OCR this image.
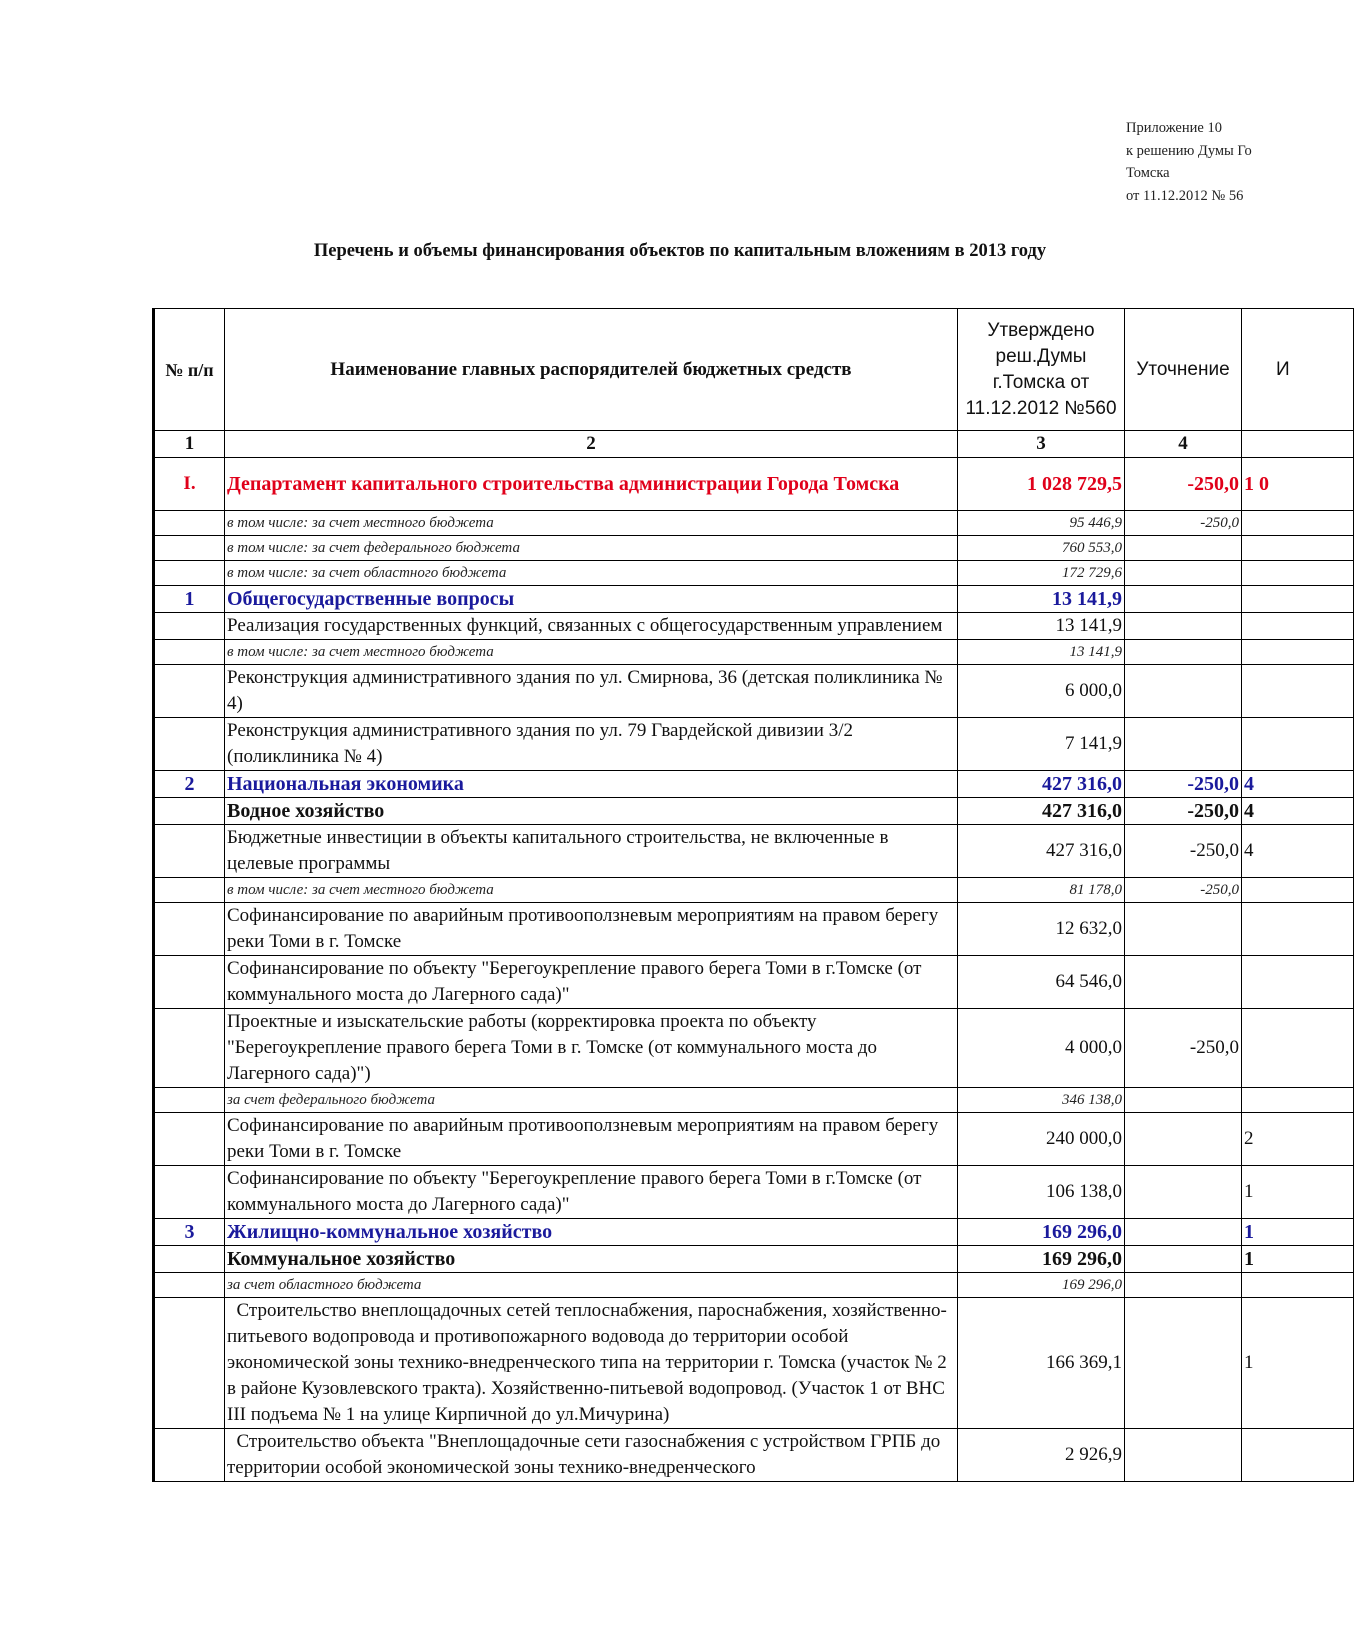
Приложение 10
к решению Думы Го
Томска
от 11.12.2012 № 56
Перечень и объемы финансирования объектов по капитальным вложениям в 2013 году
№ п/п	Наименование главных распорядителей бюджетных средств	Утверждено реш.Думы г.Томска от 11.12.2012 №560	Уточнение	И
1	2	3	4	
I.	Департамент капитального строительства администрации Города Томска	1 028 729,5	-250,0	1 0
	в том числе: за счет местного бюджета	95 446,9	-250,0	
	в том числе: за счет федерального бюджета	760 553,0		
	в том числе: за счет областного бюджета	172 729,6		
1	Общегосударственные вопросы	13 141,9		
	Реализация государственных функций, связанных с общегосударственным управлением	13 141,9		
	в том числе: за счет местного бюджета	13 141,9		
	Реконструкция административного здания по ул. Смирнова, 36 (детская поликлиника № 4)	6 000,0		
	Реконструкция административного здания по ул. 79 Гвардейской дивизии 3/2 (поликлиника № 4)	7 141,9		
2	Национальная экономика	427 316,0	-250,0	4
	Водное хозяйство	427 316,0	-250,0	4
	Бюджетные инвестиции в объекты капитального строительства, не включенные в целевые программы	427 316,0	-250,0	4
	в том числе: за счет местного бюджета	81 178,0	-250,0	
	Софинансирование по аварийным противооползневым мероприятиям на правом берегу реки Томи в г. Томске	12 632,0		
	Софинансирование по объекту "Берегоукрепление правого берега Томи в г.Томске (от коммунального моста до Лагерного сада)"	64 546,0		
	Проектные и изыскательские работы (корректировка проекта по объекту "Берегоукрепление правого берега Томи в г. Томске (от коммунального моста до Лагерного сада)")	4 000,0	-250,0	
	за счет федерального бюджета	346 138,0		
	Софинансирование по аварийным противооползневым мероприятиям на правом берегу реки Томи в г. Томске	240 000,0		2
	Софинансирование по объекту "Берегоукрепление правого берега Томи в г.Томске (от коммунального моста до Лагерного сада)"	106 138,0		1
3	Жилищно-коммунальное хозяйство	169 296,0		1
	Коммунальное хозяйство	169 296,0		1
	за счет областного бюджета	169 296,0		
	Строительство внеплощадочных сетей теплоснабжения, пароснабжения, хозяйственно-питьевого водопровода и противопожарного водовода до территории особой экономической зоны технико-внедренческого типа на территории г. Томска (участок № 2 в районе Кузовлевского тракта). Хозяйственно-питьевой водопровод. (Участок 1 от ВНС III подъема № 1 на улице Кирпичной до ул.Мичурина)	166 369,1		1
	Строительство объекта "Внеплощадочные сети газоснабжения с устройством ГРПБ до территории особой экономической зоны технико-внедренческого	2 926,9		
